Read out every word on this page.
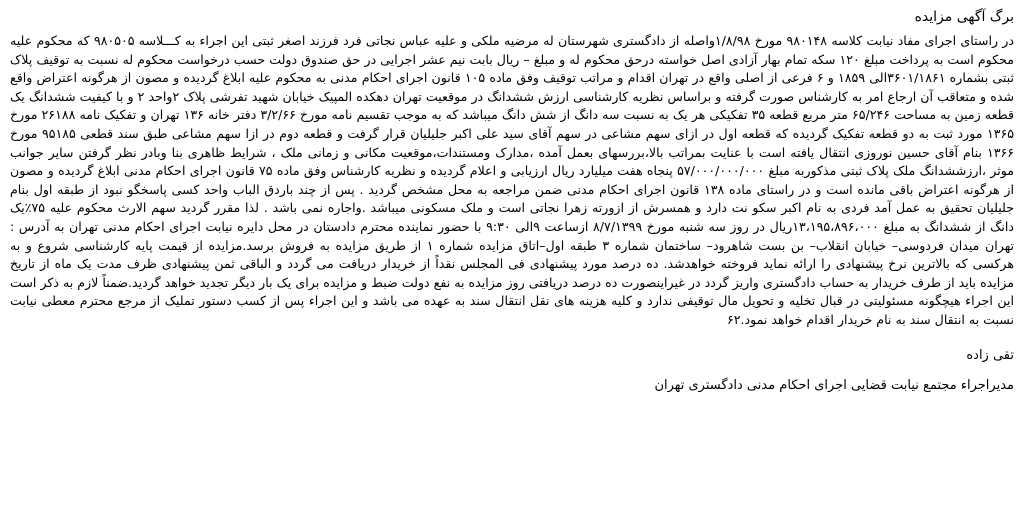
برگ آگهی مزایده

در راستای اجرای مفاد نیابت کلاسه ۹۸۰۱۴۸ مورخ ۱/۸/۹۸واصله از دادگستری شهرستان له مرضیه ملکی و علیه عباس نجاتی فرد فرزند اصغر ثبتی این اجراء به کـــلاسه ۹۸۰۵۰۵ که محکوم علیه محکوم است به پرداخت مبلغ ۱۲۰ سکه تمام بهار آزادی اصل خواسته درحق محکوم له و مبلغ – ریال بابت نیم عشر اجرایی در حق صندوق دولت حسب درخواست محکوم له نسبت به توقیف پلاک ثبتی بشماره ۳۶۰۱/۱۸۶۱الی ۱۸۵۹ و ۶ فرعی از اصلی واقع در تهران اقدام و مراتب توقیف وفق ماده ۱۰۵ قانون اجرای احکام مدنی به محکوم علیه ابلاغ گردیده و مصون از هرگونه اعتراض واقع شده و متعاقب آن ارجاع امر به کارشناس صورت گرفته و براساس نظریه کارشناسی ارزش ششدانگ در موقعیت تهران دهکده المپیک خیابان شهید تفرشی پلاک ۲واحد ۲ و با کیفیت ششدانگ یک قطعه زمین به مساحت ۶۵/۲۴۶ متر مربع قطعه ۳۵ تفکیکی هر یک به نسبت سه دانگ از شش دانگ میباشد که به موجب تقسیم نامه مورخ ۳/۲/۶۶ دفتر خانه ۱۳۶ تهران و تفکیک نامه ۲۶۱۸۸ مورخ ۱۳۶۵ مورد ثبت به دو قطعه تفکیک گردیده که قطعه اول در ازای سهم مشاعی در سهم آقای سید علی اکبر جلیلیان قرار گرفت و قطعه دوم در ازا سهم مشاعی طبق سند قطعی ۹۵۱۸۵ مورخ ۱۳۶۶ بنام آقای حسین نوروزی انتقال یافته است با عنایت بمراتب بالا،بررسهای بعمل آمده ،مدارک ومستندات،موقعیت مکانی و زمانی ملک ، شرایط ظاهری بنا وبادر نظر گرفتن سایر جوانب موثر ،ارزششدانگ ملک پلاک ثبتی مذکوربه مبلغ ۵۷/۰۰۰/۰۰۰/۰۰۰ پنجاه هفت میلیارد ریال ارزیابی و اعلام گردیده و نظریه کارشناس وفق ماده ۷۵ قانون اجرای احکام مدنی ابلاغ گردیده و مصون از هرگونه اعتراض باقی مانده است و در راستای ماده ۱۳۸ قانون اجرای احکام مدنی ضمن مراجعه به محل مشخص گردید . پس از چند باردق الباب واحد کسی پاسخگو نبود از طبقه اول بنام جلیلیان تحقیق به عمل آمد فردی به نام اکبر سکو نت دارد و همسرش از ازورته زهرا نجاتی است و ملک مسکونی میباشد .واجاره نمی باشد . لذا مقرر گردید سهم الارث محکوم علیه ۷۵٪یک دانگ از ششدانگ به مبلغ ۱۳،۱۹۵،۸۹۶،۰۰۰ریال در روز سه شنبه مورخ ۸/۷/۱۳۹۹ ازساعت ۹الی ۹:۳۰ با حضور نماینده محترم دادستان در محل دایره نیابت اجرای احکام مدنی تهران به آدرس : تهران میدان فردوسی– خیابان انقلاب– بن بست شاهرود– ساختمان شماره ۳ طبقه اول–اتاق مزایده شماره ۱ از طریق مزایده به فروش برسد.مزایده از قیمت پایه کارشناسی شروع و به هرکسی که بالاترین نرخ پیشنهادی را ارائه نماید فروخته خواهدشد. ده درصد مورد پیشنهادی فی المجلس نقداً از خریدار دریافت می گردد و الباقی ثمن پیشنهادی ظرف مدت یک ماه از تاریخ مزایده باید از طرف خریدار به حساب دادگستری واریز گردد در غیراینصورت ده درصد دریافتی روز مزایده به نفع دولت ضبط و مزایده برای یک بار دیگر تجدید خواهد گردید.ضمناً لازم به ذکر است این اجراء هیچگونه مسئولیتی در قبال تخلیه و تحویل مال توقیفی ندارد و کلیه هزینه های نقل انتقال سند به عهده می باشد و این اجراء پس از کسب دستور تملیک از مرجع محترم معطی نیابت نسبت به انتقال سند به نام خریدار اقدام خواهد نمود.۶۲

تقی زاده
مدیراجراء مجتمع نیابت قضایی اجرای احکام مدنی دادگستری تهران
